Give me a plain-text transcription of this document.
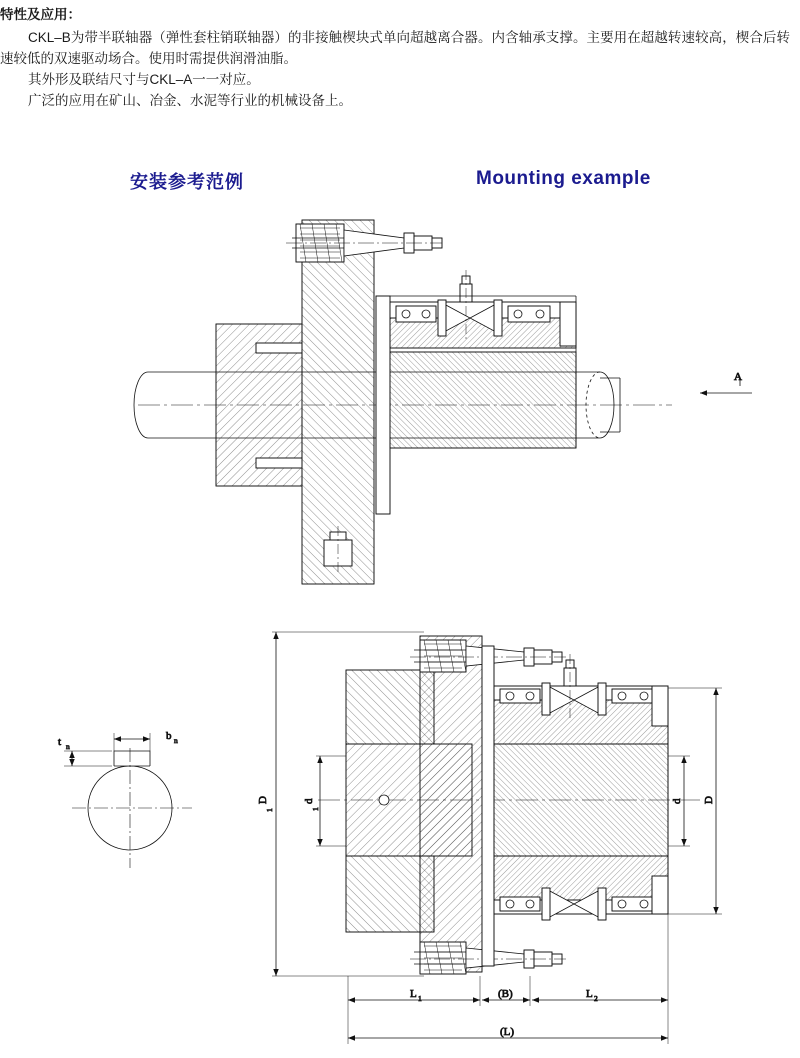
特性及应用：

CKL–B为带半联轴器（弹性套柱销联轴器）的非接触楔块式单向超越离合器。内含轴承支撑。主要用在超越转速较高，楔合后转速较低的双速驱动场合。使用时需提供润滑油脂。

其外形及联结尺寸与CKL–A一一对应。

广泛的应用在矿山、冶金、水泥等行业的机械设备上。

安装参考范例	Mounting example
A
b n
t n
D
1
d
1
d D
L 1	(B)	L 2
(L)
